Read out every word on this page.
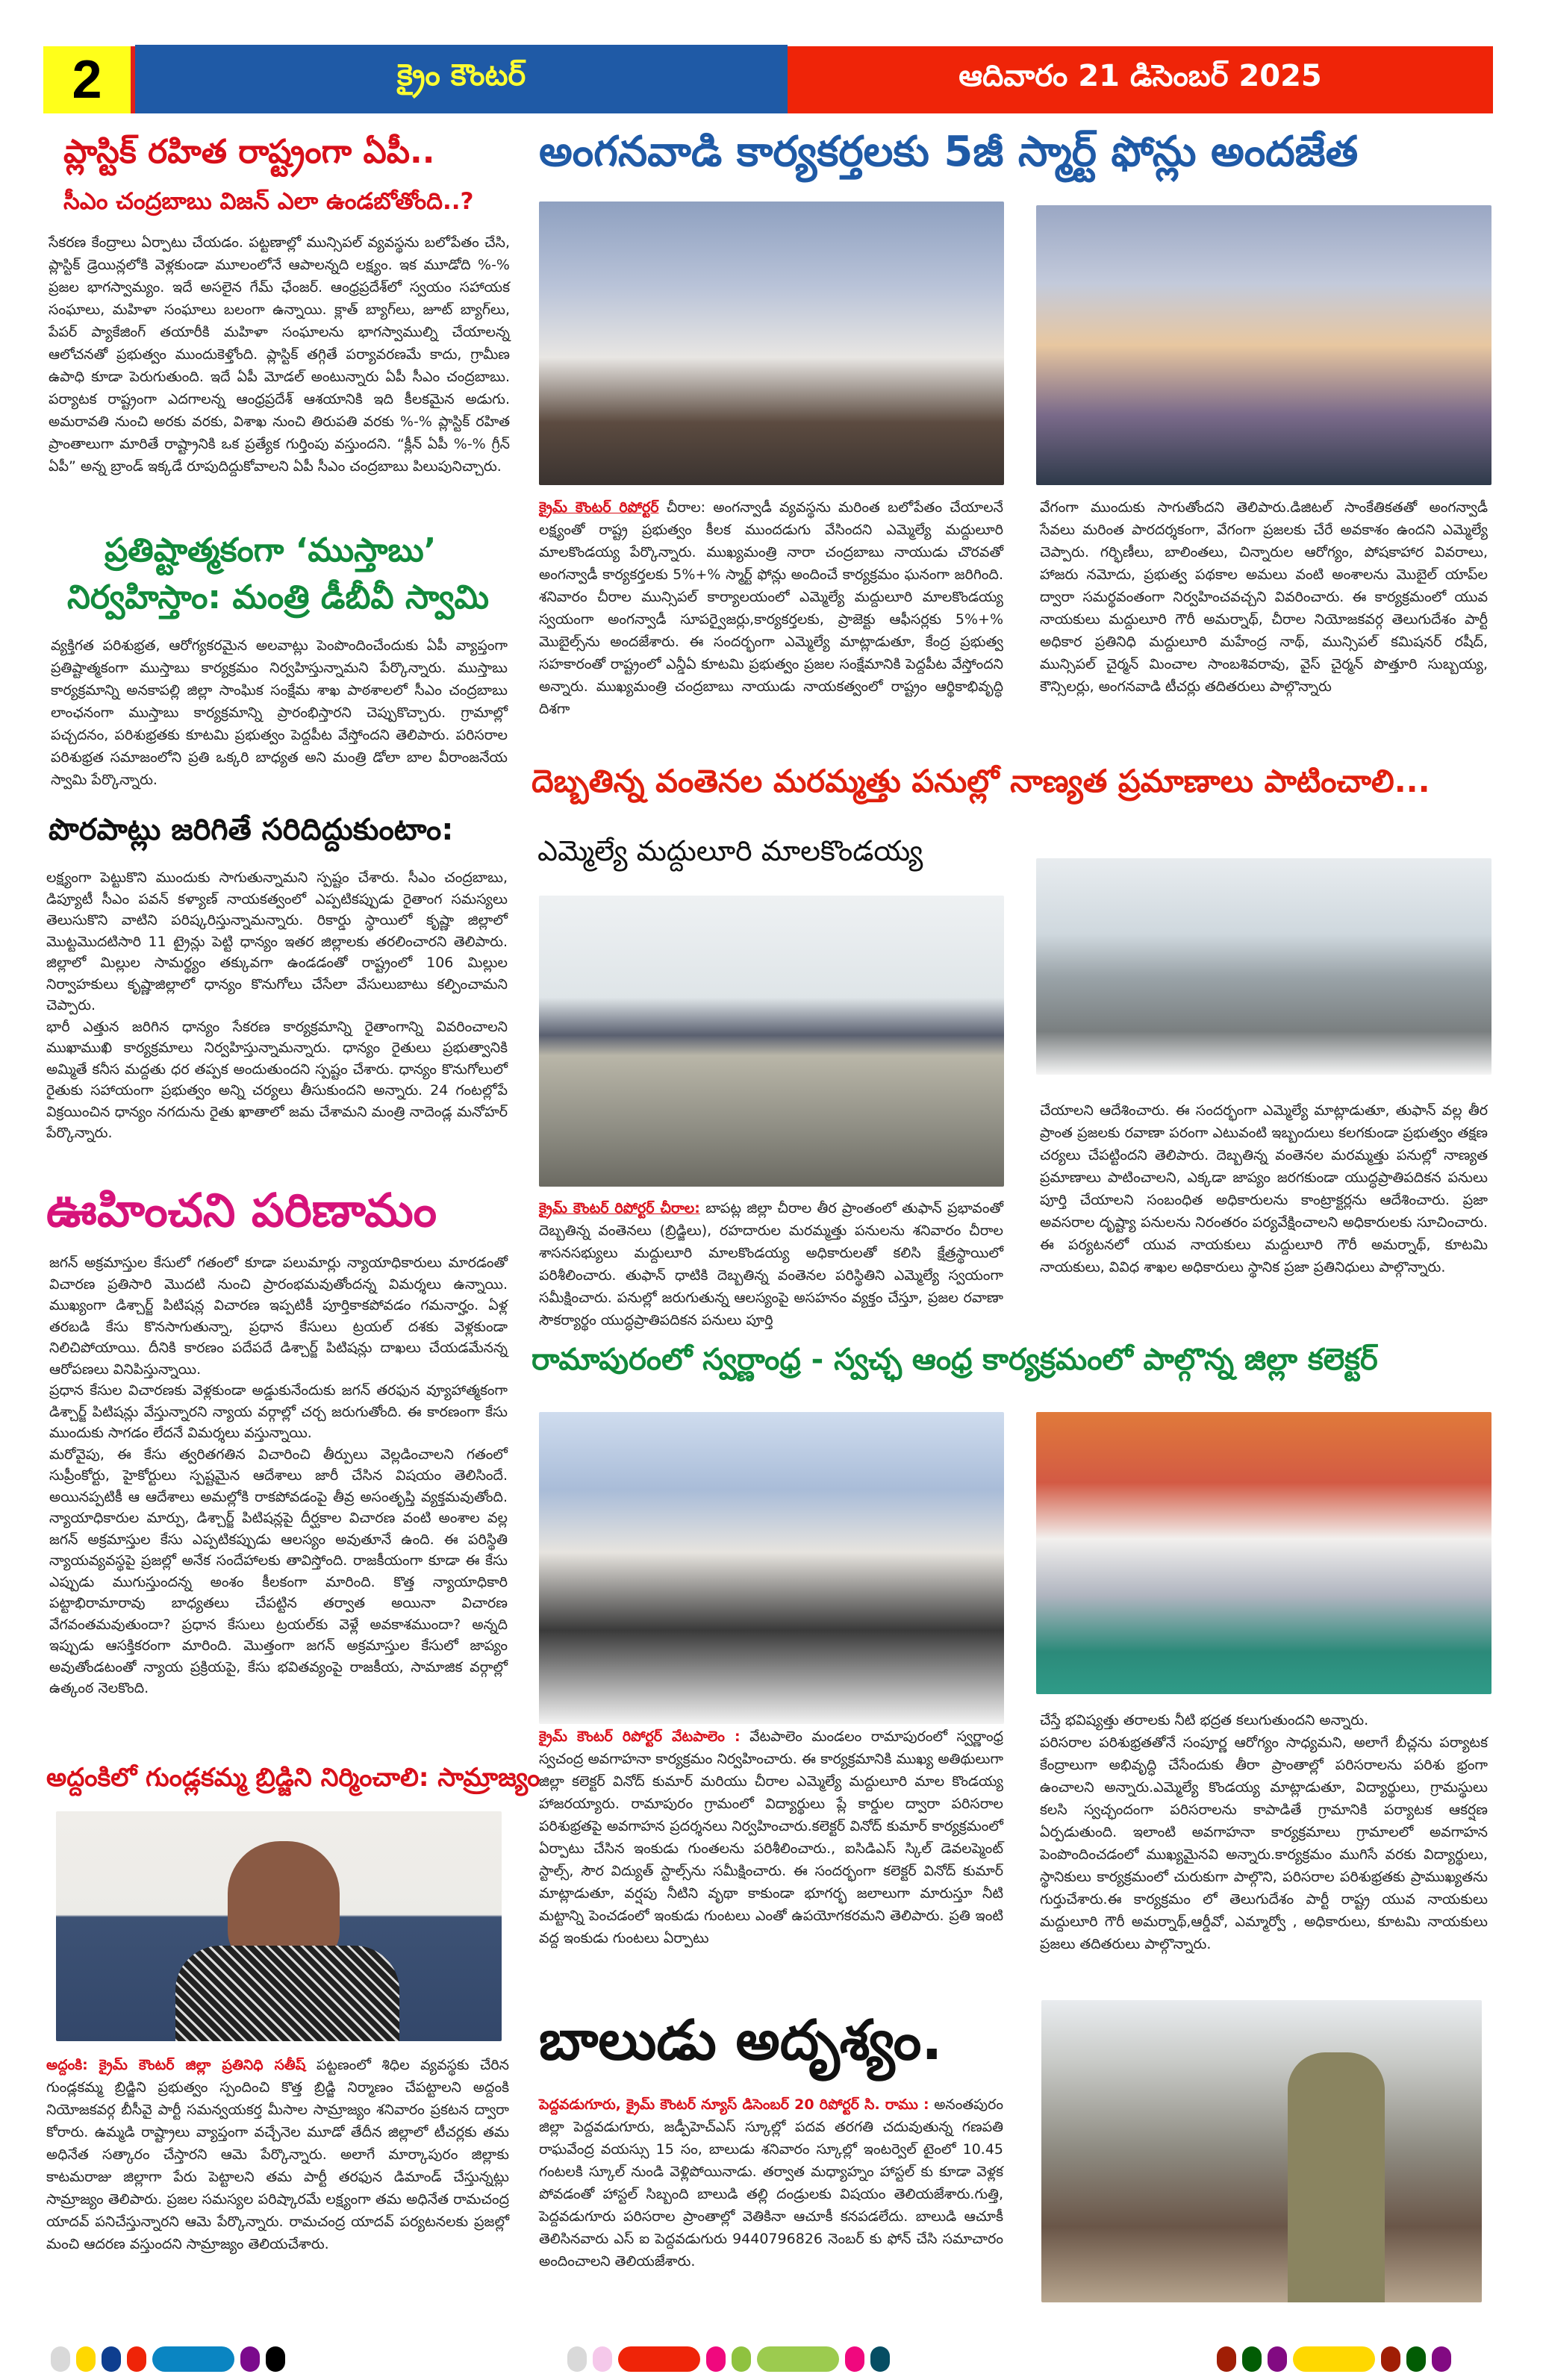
2	క్రైం కౌంటర్	ఆదివారం 21 డిసెంబర్ 2025
ప్లాస్టిక్ రహిత రాష్ట్రంగా ఏపీ..
సీఎం చంద్రబాబు విజన్ ఎలా ఉండబోతోంది..?
సేకరణ కేంద్రాలు ఏర్పాటు చేయడం. పట్టణాల్లో మున్సిపల్ వ్యవస్థను బలోపేతం చేసి, ప్లాస్టిక్ డ్రెయిన్లలోకి వెళ్లకుండా మూలంలోనే ఆపాలన్నది లక్ష్యం. ఇక మూడోది %-% ప్రజల భాగస్వామ్యం. ఇదే అసలైన గేమ్ ఛేంజర్. ఆంధ్రప్రదేశ్‌లో స్వయం సహాయక సంఘాలు, మహిళా సంఘాలు బలంగా ఉన్నాయి. క్లాత్ బ్యాగ్‌లు, జూట్ బ్యాగ్‌లు, పేపర్ ప్యాకేజింగ్ తయారీకి మహిళా సంఘాలను భాగస్వాముల్ని చేయాలన్న ఆలోచనతో ప్రభుత్వం ముందుకెళ్తోంది. ప్లాస్టిక్ తగ్గితే పర్యావరణమే కాదు, గ్రామీణ ఉపాధి కూడా పెరుగుతుంది. ఇదే ఏపీ మోడల్ అంటున్నారు ఏపీ సీఎం చంద్రబాబు. పర్యాటక రాష్ట్రంగా ఎదగాలన్న ఆంధ్రప్రదేశ్ ఆశయానికి ఇది కీలకమైన అడుగు. అమరావతి నుంచి అరకు వరకు, విశాఖ నుంచి తిరుపతి వరకు %-% ప్లాస్టిక్ రహిత ప్రాంతాలుగా మారితే రాష్ట్రానికి ఒక ప్రత్యేక గుర్తింపు వస్తుందని. “క్లీన్ ఏపీ %-% గ్రీన్ ఏపీ” అన్న బ్రాండ్ ఇక్కడే రూపుదిద్దుకోవాలని ఏపీ సీఎం చంద్రబాబు పిలుపునిచ్చారు.
ప్రతిష్టాత్మకంగా ‘ముస్తాబు’
నిర్వహిస్తాం: మంత్రి డీబీవీ స్వామి
వ్యక్తిగత పరిశుభ్రత, ఆరోగ్యకరమైన అలవాట్లు పెంపొందించేందుకు ఏపీ వ్యాప్తంగా ప్రతిష్టాత్మకంగా ముస్తాబు కార్యక్రమం నిర్వహిస్తున్నామని పేర్కొన్నారు. ముస్తాబు కార్యక్రమాన్ని అనకాపల్లి జిల్లా సాంఘిక సంక్షేమ శాఖ పాఠశాలలో సీఎం చంద్రబాబు లాంఛనంగా ముస్తాబు కార్యక్రమాన్ని ప్రారంభిస్తారని చెప్పుకొచ్చారు. గ్రామాల్లో పచ్చదనం, పరిశుభ్రతకు కూటమి ప్రభుత్వం పెద్దపీట వేస్తోందని తెలిపారు. పరిసరాల పరిశుభ్రత సమాజంలోని ప్రతి ఒక్కరి బాధ్యత అని మంత్రి డోలా బాల వీరాంజనేయ స్వామి పేర్కొన్నారు.
పొరపాట్లు జరిగితే సరిదిద్దుకుంటాం:

లక్ష్యంగా పెట్టుకొని ముందుకు సాగుతున్నామని స్పష్టం చేశారు. సీఎం చంద్రబాబు, డిప్యూటీ సీఎం పవన్ కళ్యాణ్ నాయకత్వంలో ఎప్పటికప్పుడు రైతాంగ సమస్యలు తెలుసుకొని వాటిని పరిష్కరిస్తున్నామన్నారు. రికార్డు స్థాయిలో కృష్ణా జిల్లాలో మొట్టమొదటిసారి 11 ట్రైన్లు పెట్టి ధాన్యం ఇతర జిల్లాలకు తరలించారని తెలిపారు. జిల్లాలో మిల్లుల సామర్థ్యం తక్కువగా ఉండడంతో రాష్ట్రంలో 106 మిల్లుల నిర్వాహకులు కృష్ణాజిల్లాలో ధాన్యం కొనుగోలు చేసేలా వేసులుబాటు కల్పించామని చెప్పారు.

భారీ ఎత్తున జరిగిన ధాన్యం సేకరణ కార్యక్రమాన్ని రైతాంగాన్ని వివరించాలని ముఖాముఖి కార్యక్రమాలు నిర్వహిస్తున్నామన్నారు. ధాన్యం రైతులు ప్రభుత్వానికి అమ్మితే కనీస మద్దతు ధర తప్పక అందుతుందని స్పష్టం చేశారు. ధాన్యం కొనుగోలులో రైతుకు సహాయంగా ప్రభుత్వం అన్ని చర్యలు తీసుకుందని అన్నారు. 24 గంటల్లోపే విక్రయించిన ధాన్యం నగదును రైతు ఖాతాలో జమ చేశామని మంత్రి నాదెండ్ల మనోహర్ పేర్కొన్నారు.

ఊహించని పరిణామం

జగన్ అక్రమాస్తుల కేసులో గతంలో కూడా పలుమార్లు న్యాయాధికారులు మారడంతో విచారణ ప్రతిసారి మొదటి నుంచి ప్రారంభమవుతోందన్న విమర్శలు ఉన్నాయి. ముఖ్యంగా డిశ్చార్జ్ పిటిషన్ల విచారణ ఇప్పటికీ పూర్తికాకపోవడం గమనార్హం. ఏళ్ల తరబడి కేసు కొనసాగుతున్నా, ప్రధాన కేసులు ట్రయల్ దశకు వెళ్లకుండా నిలిచిపోయాయి. దీనికి కారణం పదేపదే డిశ్చార్జ్ పిటిషన్లు దాఖలు చేయడమేనన్న ఆరోపణలు వినిపిస్తున్నాయి.

ప్రధాన కేసుల విచారణకు వెళ్లకుండా అడ్డుకునేందుకు జగన్ తరఫున వ్యూహాత్మకంగా డిశ్చార్జ్ పిటిషన్లు వేస్తున్నారని న్యాయ వర్గాల్లో చర్చ జరుగుతోంది. ఈ కారణంగా కేసు ముందుకు సాగడం లేదనే విమర్శలు వస్తున్నాయి.

మరోవైపు, ఈ కేసు త్వరితగతిన విచారించి తీర్పులు వెల్లడించాలని గతంలో సుప్రీంకోర్టు, హైకోర్టులు స్పష్టమైన ఆదేశాలు జారీ చేసిన విషయం తెలిసిందే. అయినప్పటికీ ఆ ఆదేశాలు అమల్లోకి రాకపోవడంపై తీవ్ర అసంతృప్తి వ్యక్తమవుతోంది. న్యాయాధికారుల మార్పు, డిశ్చార్జ్ పిటిషన్లపై దీర్ఘకాల విచారణ వంటి అంశాల వల్ల జగన్ అక్రమాస్తుల కేసు ఎప్పటికప్పుడు ఆలస్యం అవుతూనే ఉంది. ఈ పరిస్థితి న్యాయవ్యవస్థపై ప్రజల్లో అనేక సందేహాలకు తావిస్తోంది. రాజకీయంగా కూడా ఈ కేసు ఎప్పుడు ముగుస్తుందన్న అంశం కీలకంగా మారింది. కొత్త న్యాయాధికారి పట్టాభిరామారావు బాధ్యతలు చేపట్టిన తర్వాత అయినా విచారణ వేగవంతమవుతుందా? ప్రధాన కేసులు ట్రయల్‌కు వెళ్లే అవకాశముందా? అన్నది ఇప్పుడు ఆసక్తికరంగా మారింది. మొత్తంగా జగన్ అక్రమాస్తుల కేసులో జాప్యం అవుతోండటంతో న్యాయ ప్రక్రియపై, కేసు భవితవ్యంపై రాజకీయ, సామాజిక వర్గాల్లో ఉత్కంఠ నెలకొంది.

అద్దంకిలో గుండ్లకమ్మ బ్రిడ్జిని నిర్మించాలి: సామ్రాజ్యం
అద్దంకి: క్రైమ్ కౌంటర్ జిల్లా ప్రతినిధి సతీష్ పట్టణంలో శిధిల వ్యవస్థకు చేరిన గుండ్లకమ్మ బ్రిడ్జిని ప్రభుత్వం స్పందించి కొత్త బ్రిడ్జి నిర్మాణం చేపట్టాలని అద్దంకి నియోజకవర్గ బీసీవై పార్టీ సమన్వయకర్త మీసాల సామ్రాజ్యం శనివారం ప్రకటన ద్వారా కోరారు. ఉమ్మడి రాష్ట్రాలు వ్యాప్తంగా వచ్చేనెల మూడో తేదీన జిల్లాలో టీచర్లకు తమ అధినేత సత్కారం చేస్తారని ఆమె పేర్కొన్నారు. అలాగే మార్కాపురం జిల్లాకు కాటమరాజు జిల్లాగా పేరు పెట్టాలని తమ పార్టీ తరఫున డిమాండ్ చేస్తున్నట్లు సామ్రాజ్యం తెలిపారు. ప్రజల సమస్యల పరిష్కారమే లక్ష్యంగా తమ అధినేత రామచంద్ర యాదవ్ పనిచేస్తున్నారని ఆమె పేర్కొన్నారు. రామచంద్ర యాదవ్ పర్యటనలకు ప్రజల్లో మంచి ఆదరణ వస్తుందని సామ్రాజ్యం తెలియచేశారు.
అంగనవాడి కార్యకర్తలకు 5జీ స్మార్ట్ ఫోన్లు అందజేత
క్రైమ్ కౌంటర్ రిపోర్టర్ చీరాల: అంగన్వాడీ వ్యవస్థను మరింత బలోపేతం చేయాలనే లక్ష్యంతో రాష్ట్ర ప్రభుత్వం కీలక ముందడుగు వేసిందని ఎమ్మెల్యే మద్దులూరి మాలకొండయ్య పేర్కొన్నారు. ముఖ్యమంత్రి నారా చంద్రబాబు నాయుడు చొరవతో అంగన్వాడీ కార్యకర్తలకు 5%+% స్మార్ట్ ఫోన్లు అందించే కార్యక్రమం ఘనంగా జరిగింది. శనివారం చీరాల మున్సిపల్ కార్యాలయంలో ఎమ్మెల్యే మద్దులూరి మాలకొండయ్య స్వయంగా అంగన్వాడీ సూపర్వైజర్లు,కార్యకర్తలకు, ప్రాజెక్టు ఆఫీసర్లకు 5%+% మొబైల్స్‌ను అందజేశారు. ఈ సందర్భంగా ఎమ్మెల్యే మాట్లాడుతూ, కేంద్ర ప్రభుత్వ సహకారంతో రాష్ట్రంలో ఎన్డీఏ కూటమి ప్రభుత్వం ప్రజల సంక్షేమానికి పెద్దపీట వేస్తోందని అన్నారు. ముఖ్యమంత్రి చంద్రబాబు నాయుడు నాయకత్వంలో రాష్ట్రం ఆర్థికాభివృద్ధి దిశగా
వేగంగా ముందుకు సాగుతోందని తెలిపారు.డిజిటల్ సాంకేతికతతో అంగన్వాడీ సేవలు మరింత పారదర్శకంగా, వేగంగా ప్రజలకు చేరే అవకాశం ఉందని ఎమ్మెల్యే చెప్పారు. గర్భిణీలు, బాలింతలు, చిన్నారుల ఆరోగ్యం, పోషకాహార వివరాలు, హాజరు నమోదు, ప్రభుత్వ పథకాల అమలు వంటి అంశాలను మొబైల్ యాప్‌ల ద్వారా సమర్థవంతంగా నిర్వహించవచ్చని వివరించారు. ఈ కార్యక్రమంలో యువ నాయకులు మద్దులూరి గౌరీ అమర్నాథ్, చీరాల నియోజకవర్గ తెలుగుదేశం పార్టీ అధికార ప్రతినిధి మద్దులూరి మహేంద్ర నాథ్, మున్సిపల్ కమిషనర్ రషీద్, మున్సిపల్ చైర్మన్ మించాల సాంబశివరావు, వైస్ చైర్మన్ పొత్తూరి సుబ్బయ్య, కౌన్సిలర్లు, అంగనవాడి టీచర్లు తదితరులు పాల్గొన్నారు
దెబ్బతిన్న వంతెనల మరమ్మత్తు పనుల్లో నాణ్యత ప్రమాణాలు పాటించాలి...
ఎమ్మెల్యే మద్దులూరి మాలకొండయ్య
క్రైమ్ కౌంటర్ రిపోర్టర్ చీరాల: బాపట్ల జిల్లా చీరాల తీర ప్రాంతంలో తుఫాన్ ప్రభావంతో దెబ్బతిన్న వంతెనలు (బ్రిడ్జిలు), రహదారుల మరమ్మత్తు పనులను శనివారం చీరాల శాసనసభ్యులు మద్దులూరి మాలకొండయ్య అధికారులతో కలిసి క్షేత్రస్థాయిలో పరిశీలించారు. తుఫాన్ ధాటికి దెబ్బతిన్న వంతెనల పరిస్థితిని ఎమ్మెల్యే స్వయంగా సమీక్షించారు. పనుల్లో జరుగుతున్న ఆలస్యంపై అసహనం వ్యక్తం చేస్తూ, ప్రజల రవాణా సౌకర్యార్థం యుద్ధప్రాతిపదికన పనులు పూర్తి
చేయాలని ఆదేశించారు. ఈ సందర్భంగా ఎమ్మెల్యే మాట్లాడుతూ, తుఫాన్ వల్ల తీర ప్రాంత ప్రజలకు రవాణా పరంగా ఎటువంటి ఇబ్బందులు కలగకుండా ప్రభుత్వం తక్షణ చర్యలు చేపట్టిందని తెలిపారు. దెబ్బతిన్న వంతెనల మరమ్మత్తు పనుల్లో నాణ్యత ప్రమాణాలు పాటించాలని, ఎక్కడా జాప్యం జరగకుండా యుద్ధప్రాతిపదికన పనులు పూర్తి చేయాలని సంబంధిత అధికారులను కాంట్రాక్టర్లను ఆదేశించారు. ప్రజా అవసరాల దృష్ట్యా పనులను నిరంతరం పర్యవేక్షించాలని అధికారులకు సూచించారు. ఈ పర్యటనలో యువ నాయకులు మద్దులూరి గౌరీ అమర్నాథ్, కూటమి నాయకులు, వివిధ శాఖల అధికారులు స్థానిక ప్రజా ప్రతినిధులు పాల్గొన్నారు.
రామాపురంలో స్వర్ణాంధ్ర - స్వచ్ఛ ఆంధ్ర కార్యక్రమంలో పాల్గొన్న జిల్లా కలెక్టర్
క్రైమ్ కౌంటర్ రిపోర్టర్ వేటపాలెం : వేటపాలెం మండలం రామాపురంలో స్వర్ణాంధ్ర స్వచంద్ర అవగాహనా కార్యక్రమం నిర్వహించారు. ఈ కార్యక్రమానికి ముఖ్య అతిథులుగా జిల్లా కలెక్టర్ వినోద్ కుమార్ మరియు చీరాల ఎమ్మెల్యే మద్దులూరి మాల కొండయ్య హాజరయ్యారు. రామాపురం గ్రామంలో విద్యార్థులు ప్లే కార్డుల ద్వారా పరిసరాల పరిశుభ్రతపై అవగాహన ప్రదర్శనలు నిర్వహించారు.కలెక్టర్ వినోద్ కుమార్ కార్యక్రమంలో ఏర్పాటు చేసిన ఇంకుడు గుంతలను పరిశీలించారు., ఐసిడిఎస్ స్కిల్ డెవలప్మెంట్ స్టాల్స్, సౌర విద్యుత్ స్టాల్స్‌ను సమీక్షించారు. ఈ సందర్భంగా కలెక్టర్ వినోద్ కుమార్ మాట్లాడుతూ, వర్షపు నీటిని వృథా కాకుండా భూగర్భ జలాలుగా మారుస్తూ నీటి మట్టాన్ని పెంచడంలో ఇంకుడు గుంటలు ఎంతో ఉపయోగకరమని తెలిపారు. ప్రతి ఇంటి వద్ద ఇంకుడు గుంటలు ఏర్పాటు

చేస్తే భవిష్యత్తు తరాలకు నీటి భద్రత కలుగుతుందని అన్నారు.

పరిసరాల పరిశుభ్రతతోనే సంపూర్ణ ఆరోగ్యం సాధ్యమని, అలాగే బీచ్లను పర్యాటక కేంద్రాలుగా అభివృద్ధి చేసేందుకు తీరా ప్రాంతాల్లో పరిసరాలను పరిశు భ్రంగా ఉంచాలని అన్నారు.ఎమ్మెల్యే కొండయ్య మాట్లాడుతూ, విద్యార్థులు, గ్రామస్థులు కలసి స్వచ్ఛందంగా పరిసరాలను కాపాడితే గ్రామానికి పర్యాటక ఆకర్షణ ఏర్పడుతుంది. ఇలాంటి అవగాహనా కార్యక్రమాలు గ్రామాలలో అవగాహన పెంపొందించడంలో ముఖ్యమైనవి అన్నారు.కార్యక్రమం ముగిసే వరకు విద్యార్థులు, స్థానికులు కార్యక్రమంలో చురుకుగా పాల్గొని, పరిసరాల పరిశుభ్రతకు ప్రాముఖ్యతను గుర్తుచేశారు.ఈ కార్యక్రమం లో తెలుగుదేశం పార్టీ రాష్ట్ర యువ నాయకులు మద్దులూరి గౌరీ అమర్నాథ్,ఆర్డీవో, ఎమ్మార్వో , అధికారులు, కూటమి నాయకులు ప్రజలు తదితరులు పాల్గొన్నారు.

బాలుడు అదృశ్యం.
పెద్దవడుగూరు, క్రైమ్ కౌంటర్ న్యూస్ డిసెంబర్ 20 రిపోర్టర్ సి. రాము : అనంతపురం జిల్లా పెద్దవడుగూరు, జడ్పీహెచ్ఎస్ స్కూల్లో పదవ తరగతి చదువుతున్న గణపతి రాఘవేంద్ర వయస్సు 15 సం, బాలుడు శనివారం స్కూల్లో ఇంటర్వెల్ టైంలో 10.45 గంటలకి స్కూల్ నుండి వెళ్లిపోయినాడు. తర్వాత మధ్యాహ్నం హాస్టల్ కు కూడా వెళ్లక పోవడంతో హాస్టల్ సిబ్బంది బాలుడి తల్లి దండ్రులకు విషయం తెలియజేశారు.గుత్తి, పెద్దవడుగూరు పరిసరాల ప్రాంతాల్లో వెతికినా ఆచూకీ కనపడలేదు. బాలుడి ఆచూకీ తెలిసినవారు ఎస్ ఐ పెద్దవడుగురు 9440796826 నెంబర్ కు ఫోన్ చేసి సమాచారం అందించాలని తెలియజేశారు.
